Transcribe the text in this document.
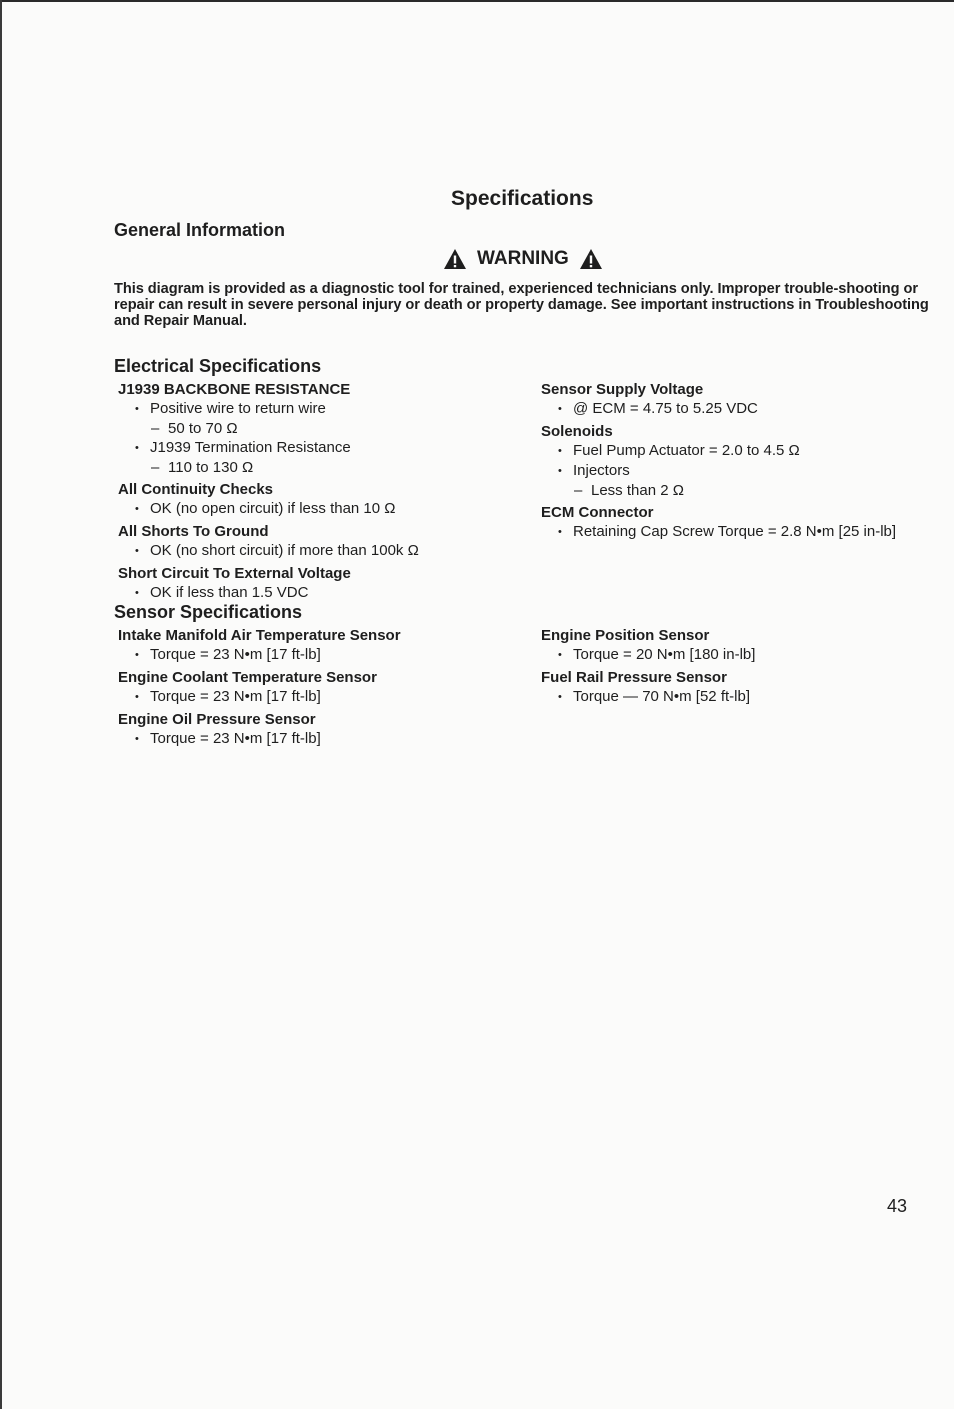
Specifications
General Information
WARNING

This diagram is provided as a diagnostic tool for trained, experienced technicians only. Improper trouble-shooting or repair can result in severe personal injury or death or property damage. See important instructions in Troubleshooting and Repair Manual.

Electrical Specifications
J1939 BACKBONE RESISTANCE
• Positive wire to return wire
– 50 to 70 Ω
• J1939 Termination Resistance
– 110 to 130 Ω
All Continuity Checks
• OK (no open circuit) if less than 10 Ω
All Shorts To Ground
• OK (no short circuit) if more than 100k Ω
Short Circuit To External Voltage
• OK if less than 1.5 VDC
Sensor Supply Voltage
• @ ECM = 4.75 to 5.25 VDC
Solenoids
• Fuel Pump Actuator = 2.0 to 4.5 Ω
• Injectors
– Less than 2 Ω
ECM Connector
• Retaining Cap Screw Torque = 2.8 N•m [25 in-lb]
Sensor Specifications
Intake Manifold Air Temperature Sensor
• Torque = 23 N•m [17 ft-lb]
Engine Coolant Temperature Sensor
• Torque = 23 N•m [17 ft-lb]
Engine Oil Pressure Sensor
• Torque = 23 N•m [17 ft-lb]
Engine Position Sensor
• Torque = 20 N•m [180 in-lb]
Fuel Rail Pressure Sensor
• Torque — 70 N•m [52 ft-lb]

43
